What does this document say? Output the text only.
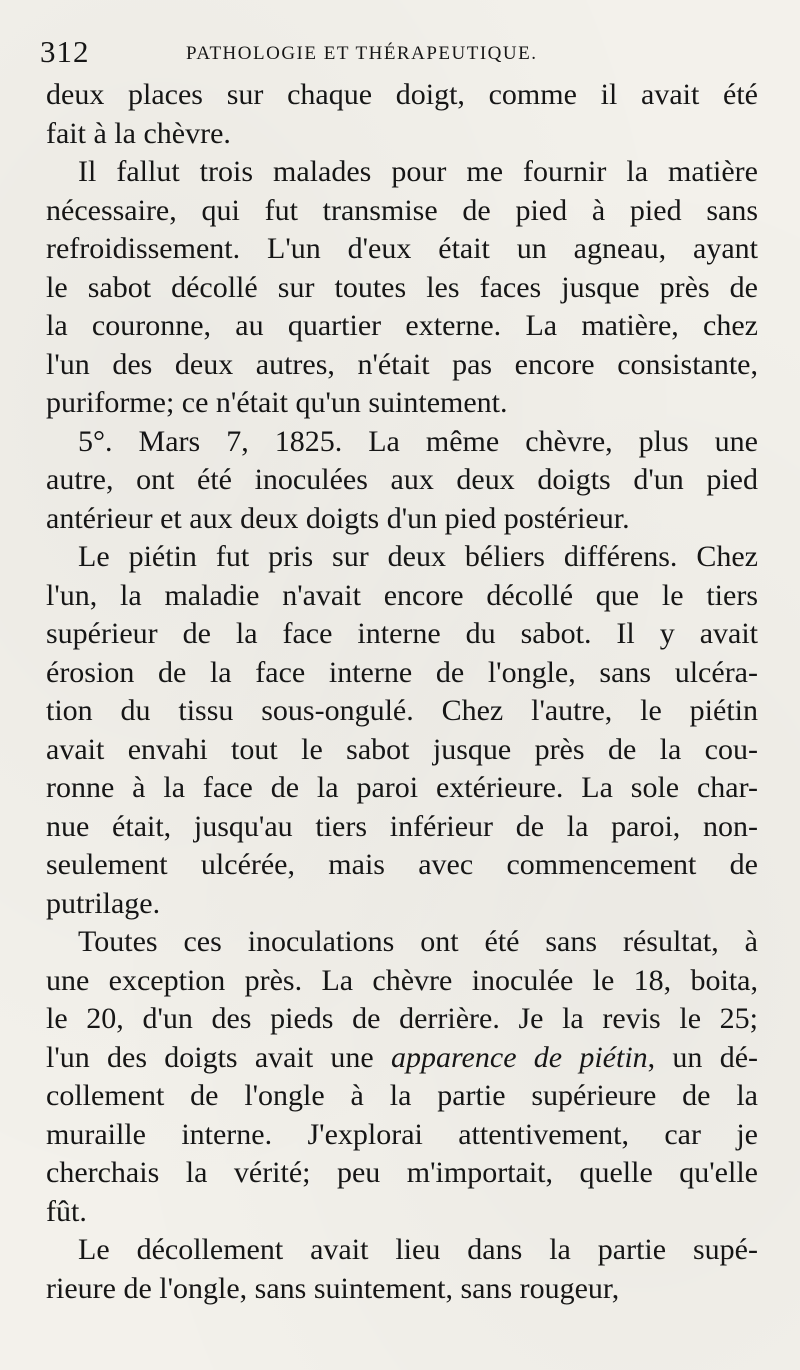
312	PATHOLOGIE ET THÉRAPEUTIQUE.
deux places sur chaque doigt, comme il avait été
fait à la chèvre.
Il fallut trois malades pour me fournir la matière
nécessaire, qui fut transmise de pied à pied sans
refroidissement. L'un d'eux était un agneau, ayant
le sabot décollé sur toutes les faces jusque près de
la couronne, au quartier externe. La matière, chez
l'un des deux autres, n'était pas encore consistante,
puriforme; ce n'était qu'un suintement.
5°. Mars 7, 1825. La même chèvre, plus une
autre, ont été inoculées aux deux doigts d'un pied
antérieur et aux deux doigts d'un pied postérieur.
Le piétin fut pris sur deux béliers différens. Chez
l'un, la maladie n'avait encore décollé que le tiers
supérieur de la face interne du sabot. Il y avait
érosion de la face interne de l'ongle, sans ulcéra-
tion du tissu sous-ongulé. Chez l'autre, le piétin
avait envahi tout le sabot jusque près de la cou-
ronne à la face de la paroi extérieure. La sole char-
nue était, jusqu'au tiers inférieur de la paroi, non-
seulement ulcérée, mais avec commencement de
putrilage.
Toutes ces inoculations ont été sans résultat, à
une exception près. La chèvre inoculée le 18, boita,
le 20, d'un des pieds de derrière. Je la revis le 25;
l'un des doigts avait une apparence de piétin, un dé-
collement de l'ongle à la partie supérieure de la
muraille interne. J'explorai attentivement, car je
cherchais la vérité; peu m'importait, quelle qu'elle
fût.
Le décollement avait lieu dans la partie supé-
rieure de l'ongle, sans suintement, sans rougeur,
